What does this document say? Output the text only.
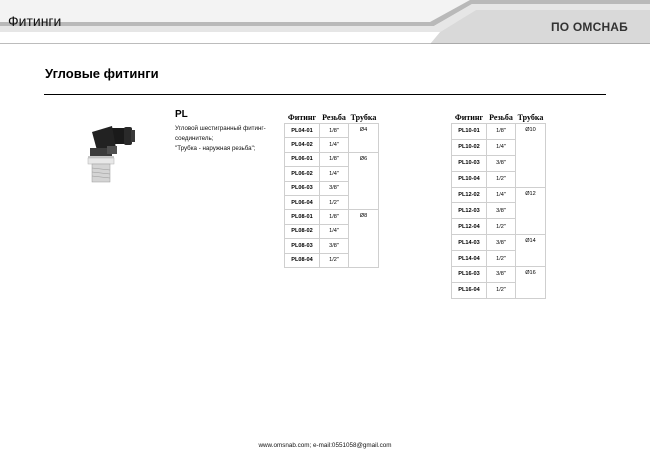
Фитинги	ПО ОМСНАБ
Угловые фитинги
PL
Угловой шестигранный фитинг-
соединитель;
"Трубка - наружная резьба";
Фитинг	Резьба	Трубка
PL04-01	1/8"	Ø4
PL04-02	1/4"	
PL06-01	1/8"	Ø6
PL06-02	1/4"	
PL06-03	3/8"	
PL06-04	1/2"	
PL08-01	1/8"	Ø8
PL08-02	1/4"	
PL08-03	3/8"	
PL08-04	1/2"	
Фитинг	Резьба	Трубка
PL10-01	1/8"	Ø10
PL10-02	1/4"	
PL10-03	3/8"	
PL10-04	1/2"	
PL12-02	1/4"	Ø12
PL12-03	3/8"	
PL12-04	1/2"	
PL14-03	3/8"	Ø14
PL14-04	1/2"	
PL16-03	3/8"	Ø16
PL16-04	1/2"	
www.omsnab.com; e-mail:0551058@gmail.com
